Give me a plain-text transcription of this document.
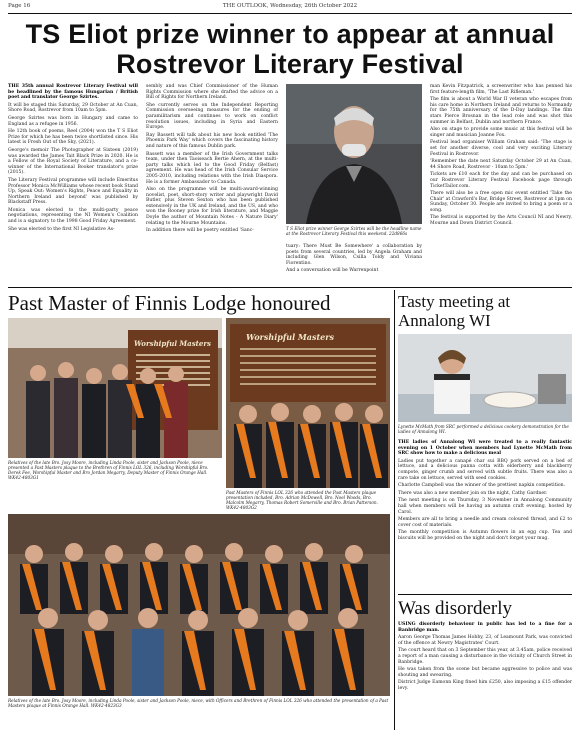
Page 16	THE OUTLOOK, Wednesday, 26th October 2022
TS Eliot prize winner to appear at annual Rostrevor Literary Festival

THE 35th annual Rostrevor Literary Festival will be headlined by the famous Hungarian / British poet and translator George Szirtes.

It will be staged this Saturday, 29 October at An Cuan, Shore Road, Rostrevor from 10am to 5pm.

George Szirtes was born in Hungary and came to England as a refugee in 1956.

He 12th book of poems, Reel (2004) won the T S Eliot Prize for which he has been twice shortlisted since. His latest is Fresh Out of the Sky, (2021).

George's memoir The Photographer at Sixteen (2019) was awarded the James Tait Black Prize in 2020. He is a Fellow of the Royal Society of Literature, and a co-winner of the International Booker translator's prize (2015).

The Literary Festival programme will include Emeritus Professor Monica McWilliams whose recent book Stand Up, Speak Out: Women's Rights, Peace and Equality in Northern Ireland and beyond' was published by Blackstaff Press.

Monica was elected to the multi-party peace negotiations, representing the NI Women's Coalition and is a signatory to the 1998 Good Friday Agreement.

She was elected to the first NI Legislative As-

sembly and was Chief Commissioner of the Human Rights Commission where she drafted the advice on a Bill of Rights for Northern Ireland.

She currently serves on the Independent Reporting Commission overseeing measures for the ending of paramilitarism and continues to work on conflict resolution issues, including in Syria and Eastern Europe.

Ray Bassett will talk about his new book entitled 'The Phoenix Park Way' which covers the fascinating history and nature of this famous Dublin park.

Bassett was a member of the Irish Government talks team, under then Taoiseach Bertie Ahern, at the multi-party talks which led to the Good Friday (Belfast) agreement. He was head of the Irish Consular Service 2005-2010, including relations with the Irish Diaspora. He is a former Ambassador to Canada.

Also on the programme will be multi-award-winning novelist, poet, short-story writer and playwright David Butler, plus Steven Sexton who has been published extensively in the UK and Ireland, and the US, and who won the Rooney prize for Irish literature, and Maggie Doyle the author of Mountain Notes - A Nature Diary' relating to the Mourne Mountains.

In addition there will be poetry entitled 'Sanc-	T S Eliot prize winner George Szirtes will be the headline name at the Rostrevor Literary Festival this weekend. 22d866s

tuary: There Must Be Somewhere' a collaboration by poets from several countries, led by Angela Graham and including Glen Wilson, Csilla Toldy and Viviana Fiorentino.

And a conversation will be Warrenpoint

man Kevin Fitzpatrick, a screenwriter who has penned his first feature-length film, 'The Last Rifleman.'

The film is about a World War II veteran who escapes from his care home in Northern Ireland and returns to Normandy for the 75th anniversary of the D-Day landings. The film stars Pierce Brosnan in the lead role and was shot this summer in Belfast, Dublin and northern France.

Also on stage to provide some music at this festival will be singer and musician Joanne Fox.

Festival lead organiser William Graham said: 'The stage is set for another diverse, cool and very exciting Literary Festival in Rostrevor.

'Remember the date next Saturday October 29 at An Cuan, 44 Shore Road, Rostrevor - 10am to 5pm.'

Tickets are £10 each for the day and can be purchased on our Rostrevor Literary Festival Facebook page through TicketTailor.com.

There will also be a free open mic event entitled 'Take the Chair' at Crawford's Bar, Bridge Street, Rostrevor at 1pm on Sunday, October 30. People are invited to bring a poem or a song.

The festival is supported by the Arts Council NI and Newry, Mourne and Down District Council.

Past Master of Finnis Lodge honoured
Worshipful Masters
Relatives of the late Bro. Josy Moore, including Linda Poole, sister and Jackson Poole, niece presented a Past Masters plaque to the Brethren of Finnis LOL 326, including Worshipful Bro. Derek Fee, Worshipful Master and Bro Jordan Megarry, Deputy Master of Finnis Orange Hall. WK42-4803G1
Worshipful Masters
Past Masters of Finnis LOL 326 who attended the Past Masters plaque presentation included, Bro. Adrian McDowell, Bro. Noel Woods, Bro. Malcolm Megarry, Thomas Robert Somerville and Bro. Brian Patterson. WK42-4803G2
Relatives of the late Bro. Josy Moore, including Linda Poole, sister and Jackson Poole, niece, with Officers and Brethren of Finnis LOL 326 who attended the presentation of a Past Masters plaque at Finnis Orange Hall. WK42-4823G3
Tasty meeting at Annalong WI
Lynette McMath from SRC performed a delicious cookery demonstration for the ladies of Annalong WI.

THE ladies of Annalong WI were treated to a really fantastic evening on 1 October when members had Lynette McMath from SRC show how to make a delicious meal

Ladies put together a canapé char sui BBQ pork served on a bed of lettuce, and a delicious panna cotta with elderberry and blackberry compote, ginger crumb and served with subtle fruits. There was also a rare take on lettuce, served with seed cookies.

Charlotte Campbell was the winner of the prettiest napkin competition.

There was also a new member join on the night, Cathy Gardner.

The next meeting is on Thursday, 3 November in Annalong Community hall when members will be having an autumn craft evening, hosted by Carol.

Members are all to bring a needle and cream coloured thread, and £2 to cover cost of materials.

The monthly competition is Autumn flowers in an egg cup. Tea and biscuits will be provided on the night and don't forget your mug.

Was disorderly

USING disorderly behaviour in public has led to a fine for a Banbridge man.

Aaron George Thomas James Hobby, 23, of Leamount Park, was convicted of the offence at Newry Magistrates' Court.

The court heard that on 3 September this year, at 3.45am, police received a report of a man causing a disturbance in the vicinity of Church Street in Banbridge.

He was taken from the scene but became aggressive to police and was shouting and swearing.

District Judge Eamonn King fined him £250, also imposing a £15 offender levy.
